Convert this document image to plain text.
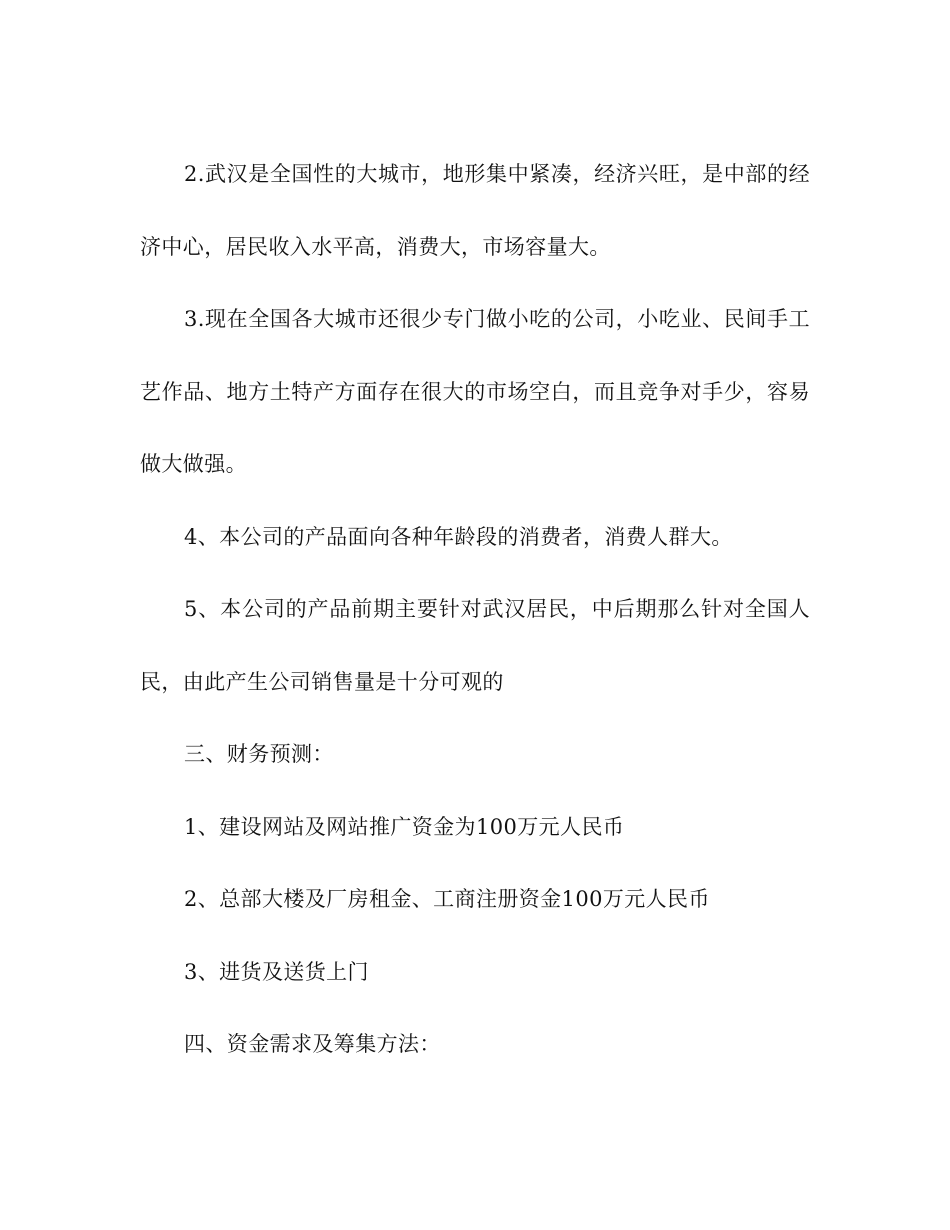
2.武汉是全国性的大城市，地形集中紧凑，经济兴旺，是中部的经济中心，居民收入水平高，消费大，市场容量大。

3.现在全国各大城市还很少专门做小吃的公司，小吃业、民间手工艺作品、地方土特产方面存在很大的市场空白，而且竞争对手少，容易做大做强。

4、本公司的产品面向各种年龄段的消费者，消费人群大。

5、本公司的产品前期主要针对武汉居民，中后期那么针对全国人民，由此产生公司销售量是十分可观的

三、财务预测：

1、建设网站及网站推广资金为100万元人民币

2、总部大楼及厂房租金、工商注册资金100万元人民币

3、进货及送货上门

四、资金需求及筹集方法：
